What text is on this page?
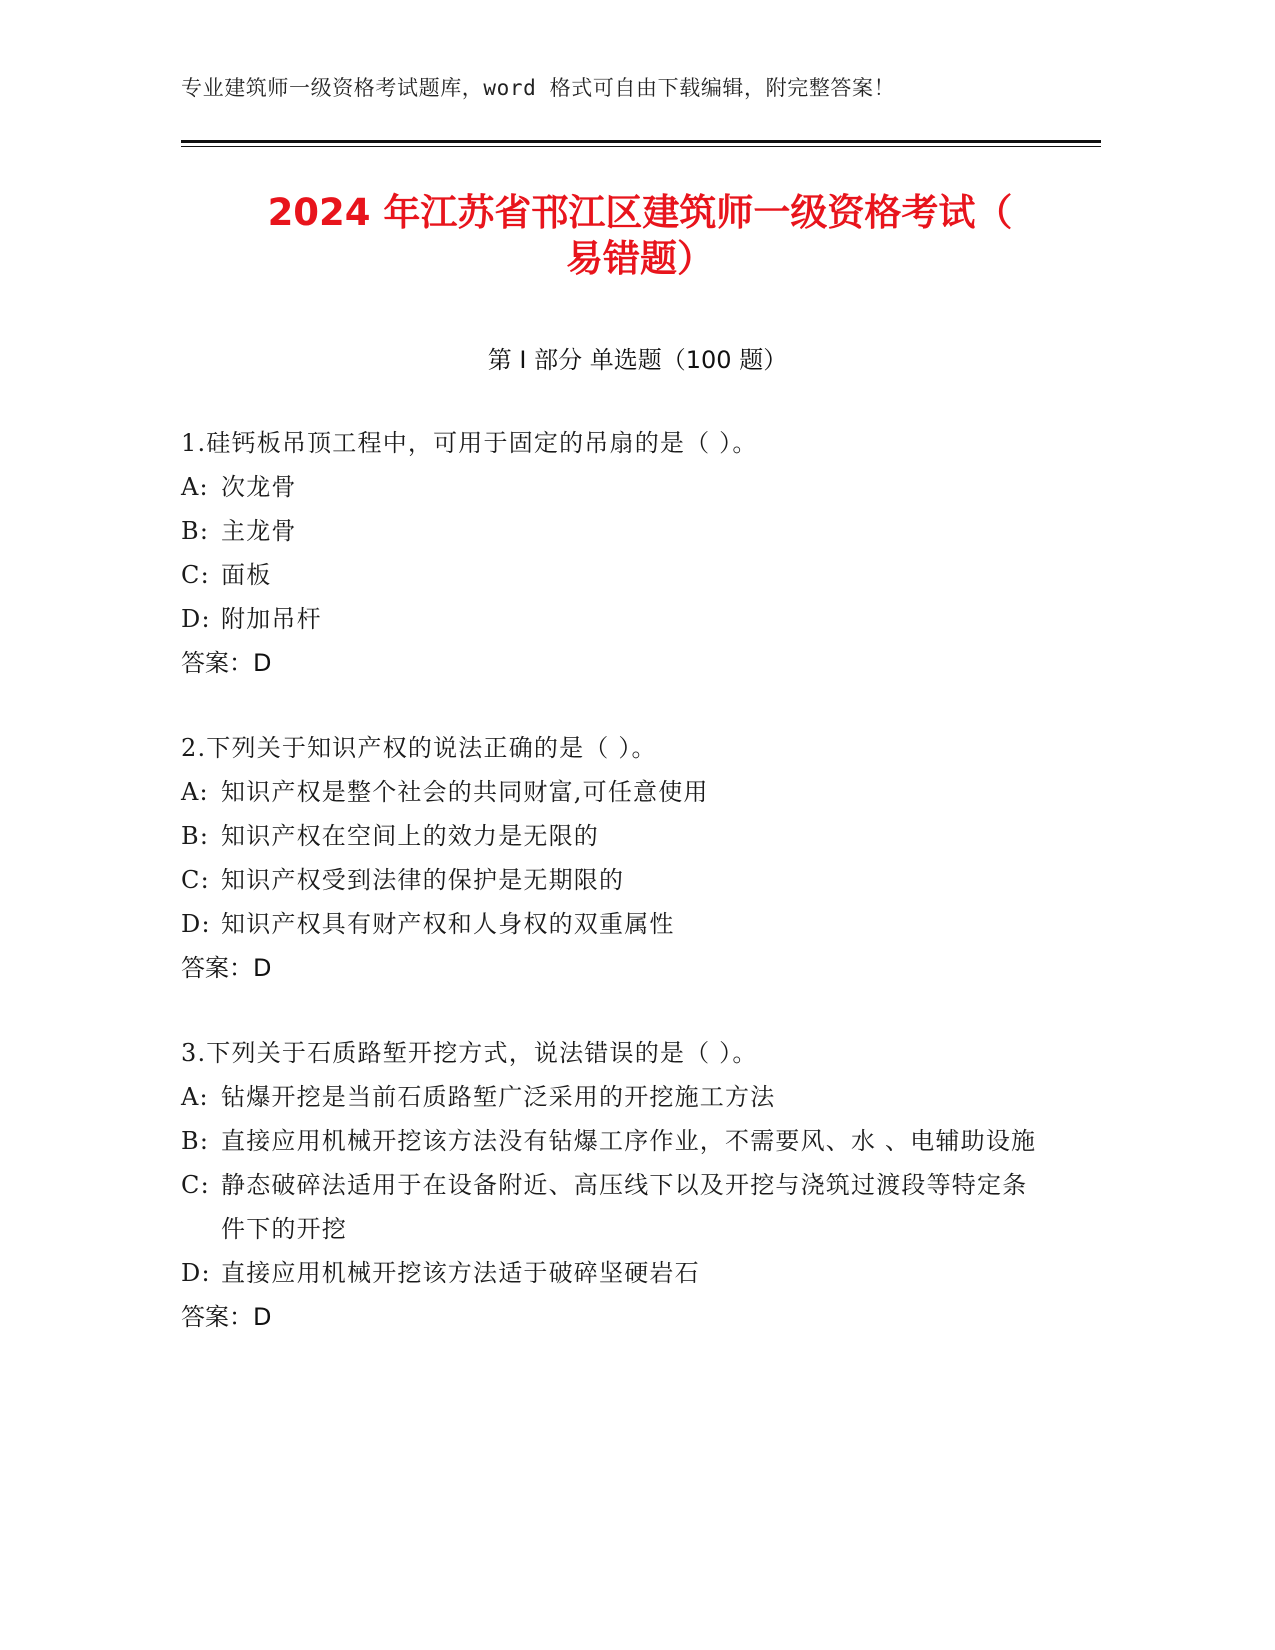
专业建筑师一级资格考试题库，word 格式可自由下载编辑，附完整答案！
2024 年江苏省邗江区建筑师一级资格考试（
易错题）
第 I 部分 单选题（100 题）
1.硅钙板吊顶工程中，可用于固定的吊扇的是（ ）。
A: 次龙骨
B: 主龙骨
C: 面板
D: 附加吊杆
答案：D
2.下列关于知识产权的说法正确的是（ ）。
A: 知识产权是整个社会的共同财富,可任意使用
B: 知识产权在空间上的效力是无限的
C: 知识产权受到法律的保护是无期限的
D: 知识产权具有财产权和人身权的双重属性
答案：D
3.下列关于石质路堑开挖方式，说法错误的是（ ）。
A: 钻爆开挖是当前石质路堑广泛采用的开挖施工方法
B: 直接应用机械开挖该方法没有钻爆工序作业，不需要风、水 、电辅助设施
C: 静态破碎法适用于在设备附近、高压线下以及开挖与浇筑过渡段等特定条件下的开挖
D: 直接应用机械开挖该方法适于破碎坚硬岩石
答案：D
